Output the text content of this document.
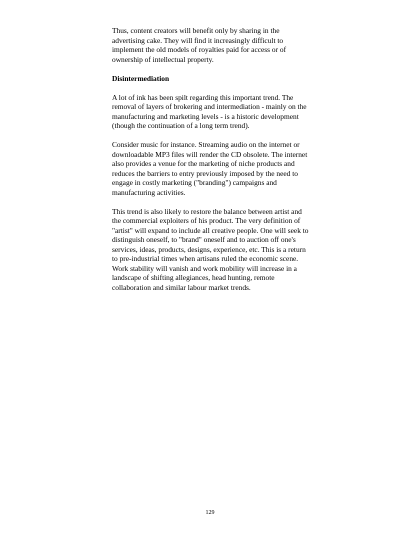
Thus, content creators will benefit only by sharing in the advertising cake. They will find it increasingly difficult to implement the old models of royalties paid for access or of ownership of intellectual property.

Disintermediation

A lot of ink has been spilt regarding this important trend. The removal of layers of brokering and intermediation - mainly on the manufacturing and marketing levels - is a historic development (though the continuation of a long term trend).

Consider music for instance. Streaming audio on the internet or downloadable MP3 files will render the CD obsolete. The internet also provides a venue for the marketing of niche products and reduces the barriers to entry previously imposed by the need to engage in costly marketing ("branding") campaigns and manufacturing activities.

This trend is also likely to restore the balance between artist and the commercial exploiters of his product. The very definition of "artist" will expand to include all creative people. One will seek to distinguish oneself, to "brand" oneself and to auction off one's services, ideas, products, designs, experience, etc. This is a return to pre-industrial times when artisans ruled the economic scene. Work stability will vanish and work mobility will increase in a landscape of shifting allegiances, head hunting, remote collaboration and similar labour market trends.

129
